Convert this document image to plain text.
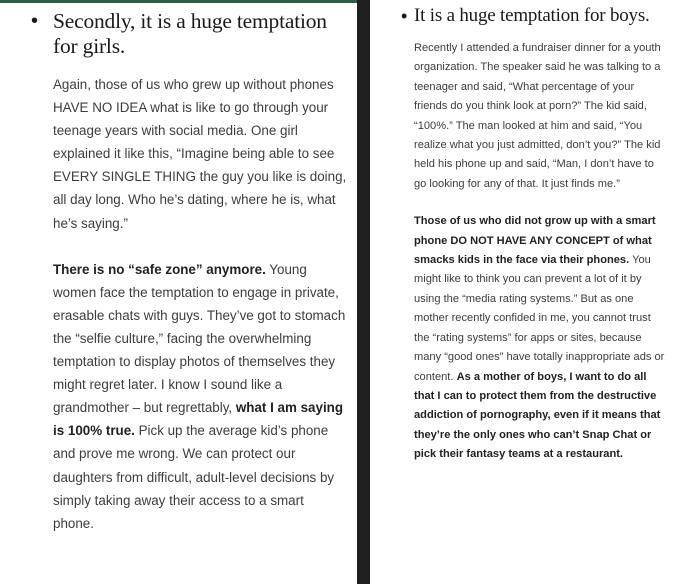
• Secondly, it is a huge temptation for girls.

Again, those of us who grew up without phones HAVE NO IDEA what is like to go through your teenage years with social media. One girl explained it like this, “Imagine being able to see EVERY SINGLE THING the guy you like is doing, all day long. Who he’s dating, where he is, what he’s saying.”

There is no “safe zone” anymore. Young women face the temptation to engage in private, erasable chats with guys. They’ve got to stomach the “selfie culture,” facing the overwhelming temptation to display photos of themselves they might regret later. I know I sound like a grandmother – but regrettably, what I am saying is 100% true. Pick up the average kid’s phone and prove me wrong. We can protect our daughters from difficult, adult-level decisions by simply taking away their access to a smart phone.

• It is a huge temptation for boys.

Recently I attended a fundraiser dinner for a youth organization. The speaker said he was talking to a teenager and said, “What percentage of your friends do you think look at porn?” The kid said, “100%.” The man looked at him and said, “You realize what you just admitted, don’t you?” The kid held his phone up and said, “Man, I don’t have to go looking for any of that. It just finds me.”

Those of us who did not grow up with a smart phone DO NOT HAVE ANY CONCEPT of what smacks kids in the face via their phones. You might like to think you can prevent a lot of it by using the “media rating systems.” But as one mother recently confided in me, you cannot trust the “rating systems” for apps or sites, because many “good ones” have totally inappropriate ads or content. As a mother of boys, I want to do all that I can to protect them from the destructive addiction of pornography, even if it means that they’re the only ones who can’t Snap Chat or pick their fantasy teams at a restaurant.
